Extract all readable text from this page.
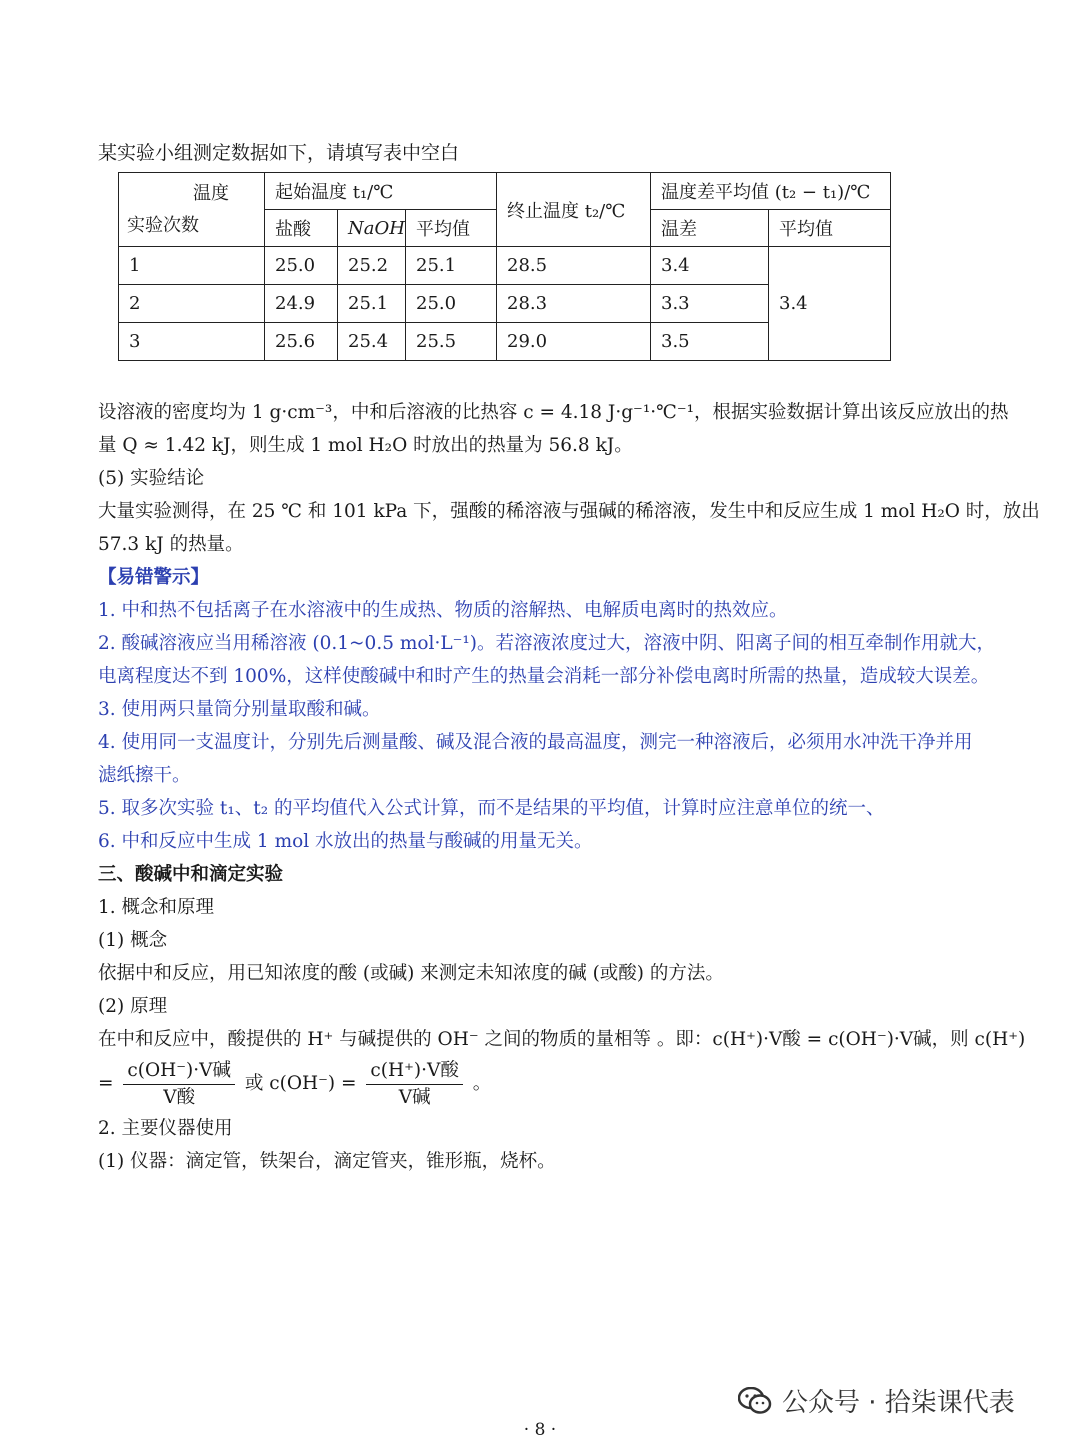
某实验小组测定数据如下，请填写表中空白
温度
实验次数	起始温度 t₁/℃			终止温度 t₂/℃	温度差平均值 (t₂ − t₁)/℃	
	盐酸	NaOH	平均值		温差	平均值
1	25.0	25.2	25.1	28.5	3.4	3.4
2	24.9	25.1	25.0	28.3	3.3	
3	25.6	25.4	25.5	29.0	3.5	
设溶液的密度均为 1 g·cm⁻³，中和后溶液的比热容 c = 4.18 J·g⁻¹·℃⁻¹，根据实验数据计算出该反应放出的热
量 Q ≈ 1.42 kJ，则生成 1 mol H₂O 时放出的热量为 56.8 kJ。
(5) 实验结论
大量实验测得，在 25 ℃ 和 101 kPa 下，强酸的稀溶液与强碱的稀溶液，发生中和反应生成 1 mol H₂O 时，放出
57.3 kJ 的热量。
【易错警示】
1. 中和热不包括离子在水溶液中的生成热、物质的溶解热、电解质电离时的热效应。
2. 酸碱溶液应当用稀溶液 (0.1~0.5 mol·L⁻¹)。若溶液浓度过大，溶液中阴、阳离子间的相互牵制作用就大，
电离程度达不到 100%，这样使酸碱中和时产生的热量会消耗一部分补偿电离时所需的热量，造成较大误差。
3. 使用两只量筒分别量取酸和碱。
4. 使用同一支温度计，分别先后测量酸、碱及混合液的最高温度，测完一种溶液后，必须用水冲洗干净并用
滤纸擦干。
5. 取多次实验 t₁、t₂ 的平均值代入公式计算，而不是结果的平均值，计算时应注意单位的统一、
6. 中和反应中生成 1 mol 水放出的热量与酸碱的用量无关。
三、酸碱中和滴定实验
1. 概念和原理
(1) 概念
依据中和反应，用已知浓度的酸 (或碱) 来测定未知浓度的碱 (或酸) 的方法。
(2) 原理
在中和反应中，酸提供的 H⁺ 与碱提供的 OH⁻ 之间的物质的量相等 。即：c(H⁺)·V酸 = c(OH⁻)·V碱，则 c(H⁺)
= $\frac{\text{c(OH⁻)·V碱}}{\text{V酸}}$ 或 $c(OH^-) = \frac{\text{c(H⁺)·V酸}}{\text{V碱}}$ 。
2. 主要仪器使用
(1) 仪器：滴定管，铁架台，滴定管夹，锥形瓶，烧杯。
公众号 · 拾柒课代表
· 8 ·
